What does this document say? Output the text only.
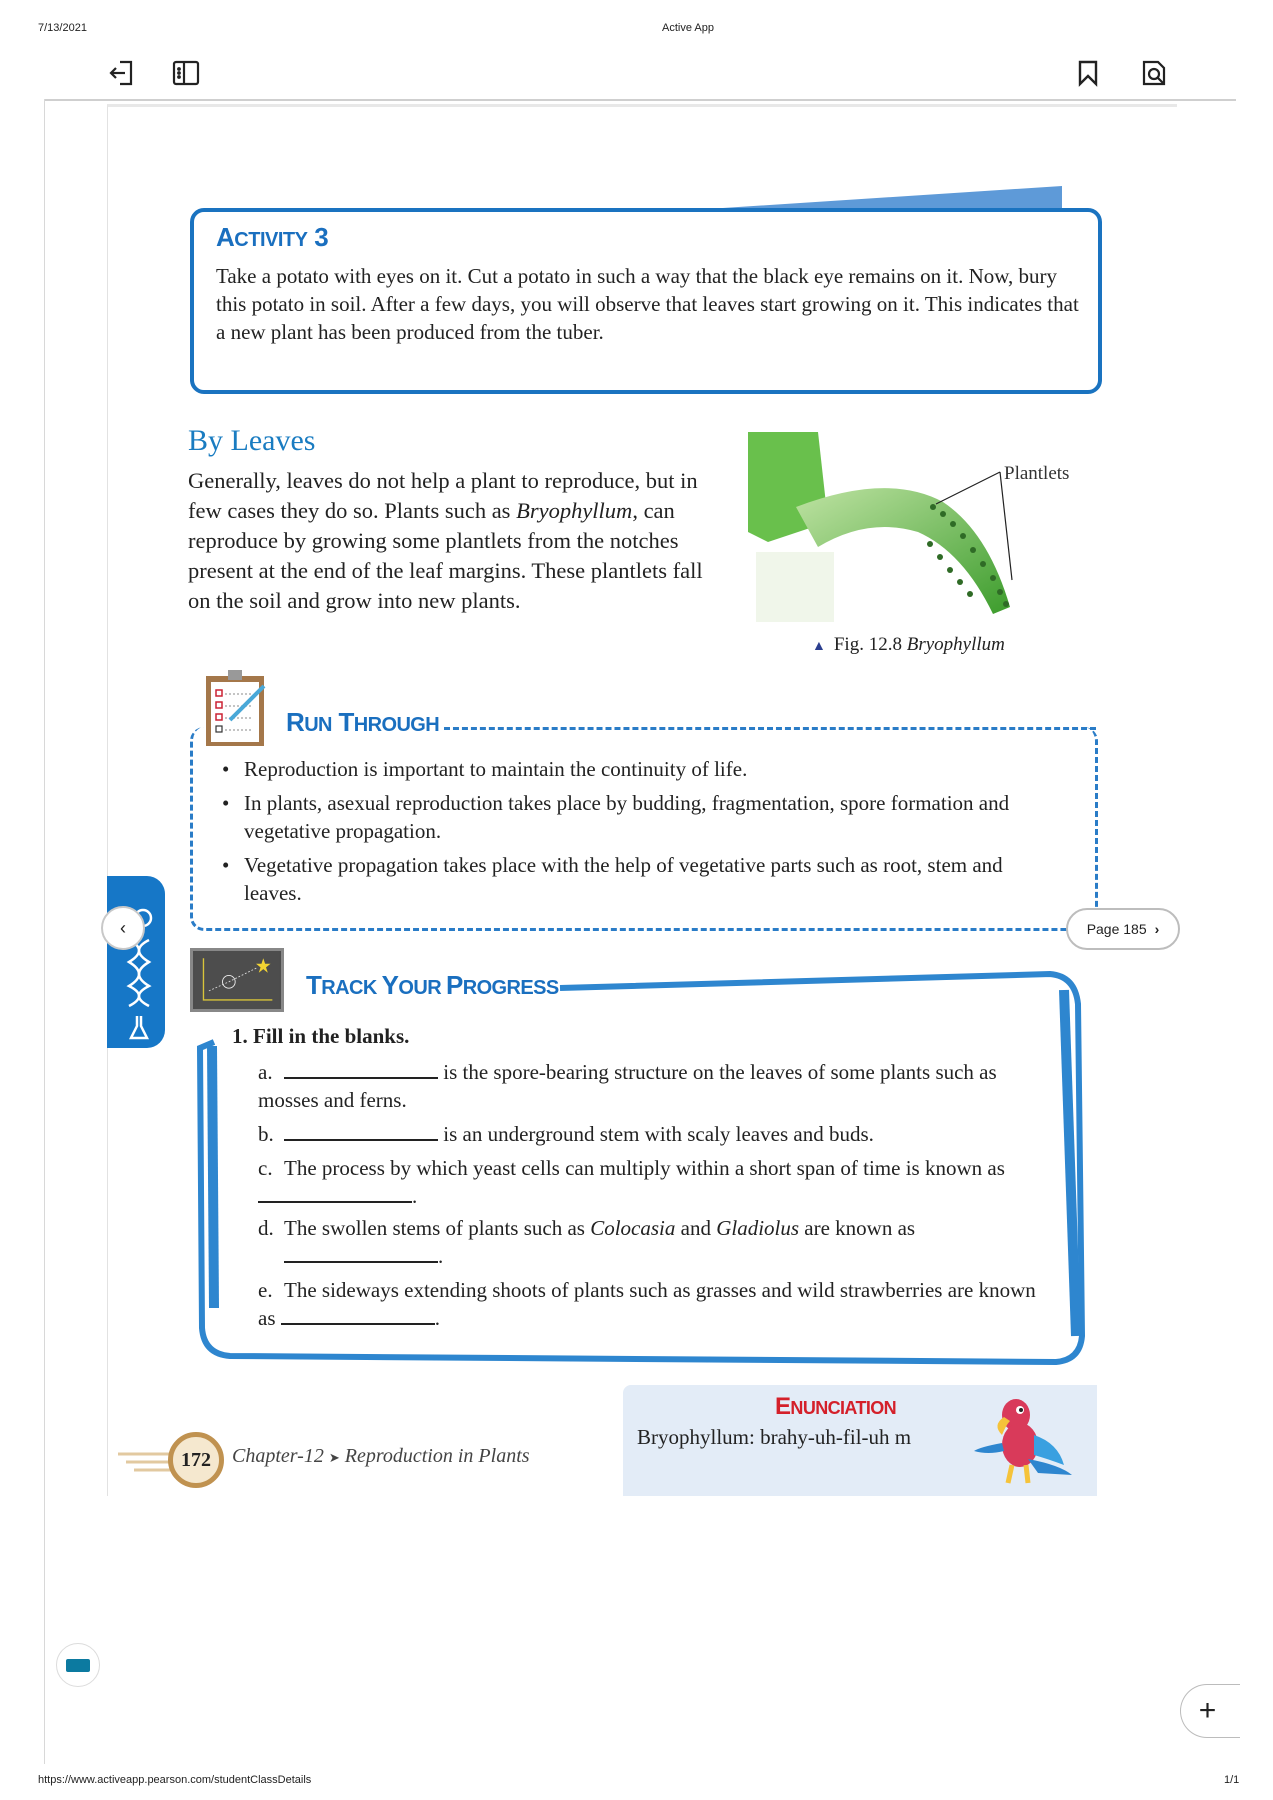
7/13/2021	Active App
ACTIVITY 3

Take a potato with eyes on it. Cut a potato in such a way that the black eye remains on it. Now, bury this potato in soil. After a few days, you will observe that leaves start growing on it. This indicates that a new plant has been produced from the tuber.

By Leaves
Generally, leaves do not help a plant to reproduce, but in few cases they do so. Plants such as Bryophyllum, can reproduce by growing some plantlets from the notches present at the end of the leaf margins. These plantlets fall on the soil and grow into new plants.
Plantlets
▲ Fig. 12.8 Bryophyllum
RUN THROUGH
• Reproduction is important to maintain the continuity of life.
• In plants, asexual reproduction takes place by budding, fragmentation, spore formation and vegetative propagation.
• Vegetative propagation takes place with the help of vegetative parts such as root, stem and leaves.
‹	Page 185 ›
TRACK YOUR PROGRESS
1. Fill in the blanks.
a.	is the spore-bearing structure on the leaves of some plants such as mosses and ferns.
b.	is an underground stem with scaly leaves and buds.
c. The process by which yeast cells can multiply within a short span of time is known as .
d. The swollen stems of plants such as Colocasia and Gladiolus are known as
.
e. The sideways extending shoots of plants such as grasses and wild strawberries are known as	.
172	Chapter-12 ➤ Reproduction in Plants
ENUNCIATION

Bryophyllum: brahy-uh-fil-uh m

+
https://www.activeapp.pearson.com/studentClassDetails	1/1
